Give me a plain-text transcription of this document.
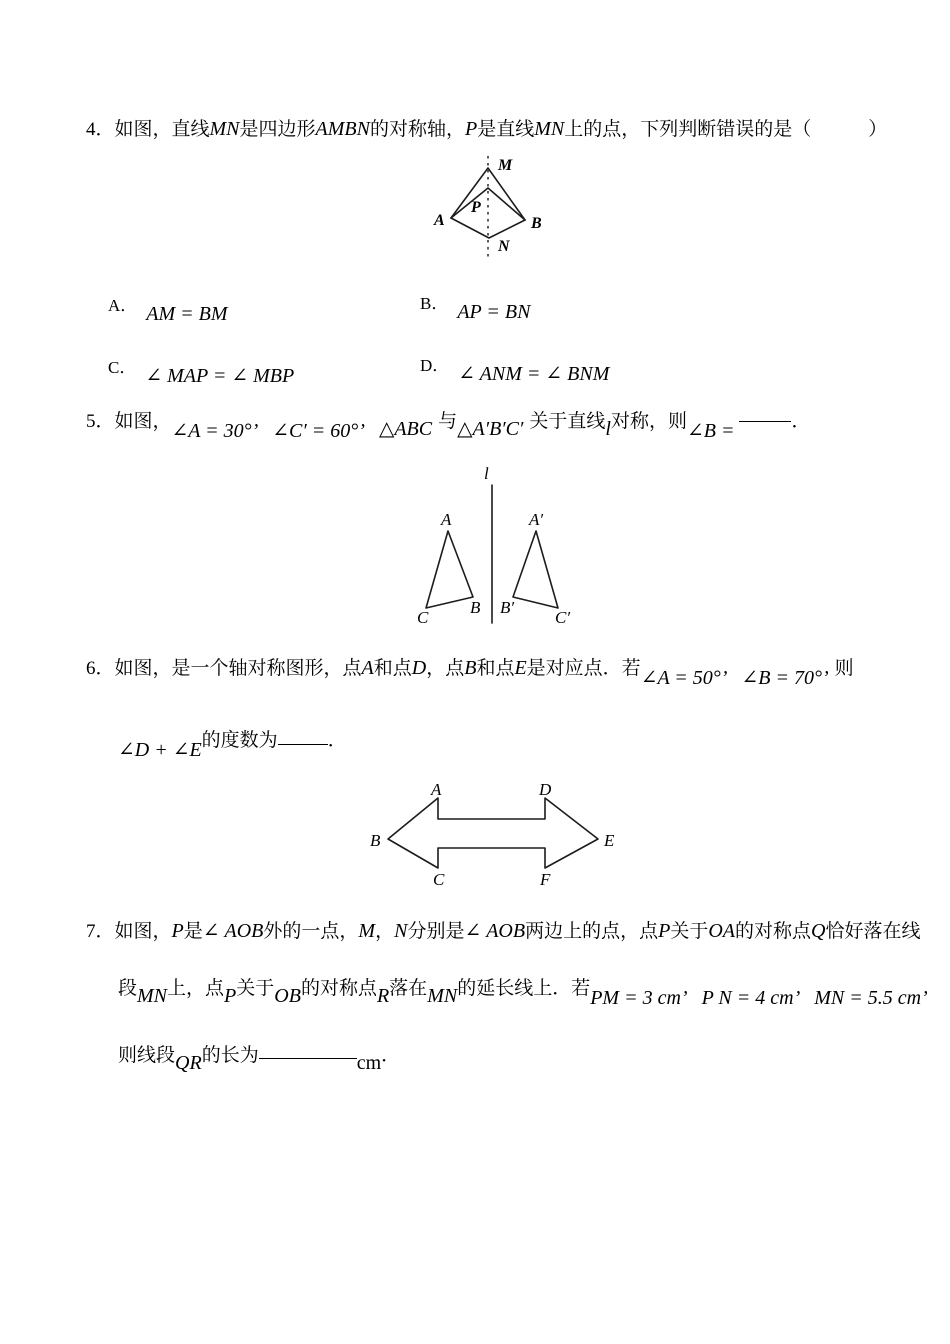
4．如图，直线MN是四边形AMBN的对称轴，P是直线MN上的点，下列判断错误的是（　　　）
M
P
A	B
N
A． AM = BM	B． AP = BN
C． ∠ MAP = ∠ MBP	D． ∠ ANM = ∠ BNM
5．如图，∠A = 30°’ ∠C′ = 60°’ △ABC 与△A′B′C′ 关于直线l对称，则∠B =	．
l
A
B
C
A′
B′
C′
6．如图，是一个轴对称图形，点A和点D，点B和点E是对应点．若∠A = 50°’ ∠B = 70°’ 则
∠D + ∠E的度数为	．
A	D
B	E
C	F
7．如图，P是∠ AOB外的一点，M，N分别是∠ AOB两边上的点，点P关于OA的对称点Q恰好落在线
段MN上，点P关于OB的对称点R落在MN的延长线上．若PM = 3 cm’ P N = 4 cm’ MN = 5.5 cm’
则线段QR的长为	cm．
